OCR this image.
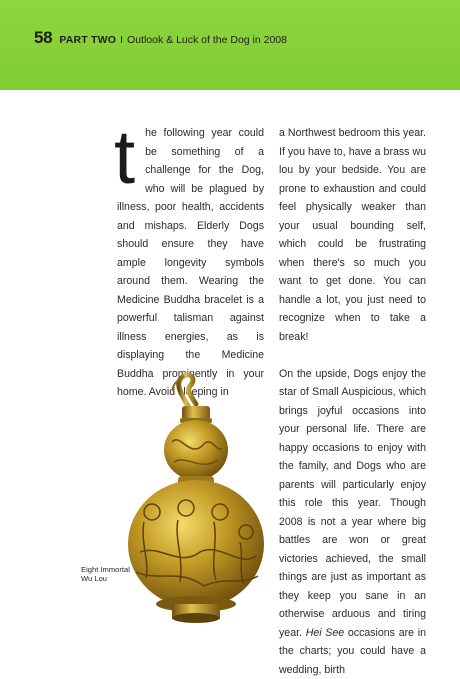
58 PART TWO I Outlook & Luck of the Dog in 2008
t he following year could be something of a challenge for the Dog, who will be plagued by illness, poor health, accidents and mishaps. Elderly Dogs should ensure they have ample longevity symbols around them. Wearing the Medicine Buddha bracelet is a powerful talisman against illness energies, as is displaying the Medicine Buddha prominently in your home. Avoid sleeping in

a Northwest bedroom this year. If you have to, have a brass wu lou by your bedside. You are prone to exhaustion and could feel physically weaker than your usual bounding self, which could be frustrating when there's so much you want to get done. You can handle a lot, you just need to recognize when to take a break!

On the upside, Dogs enjoy the star of Small Auspicious, which brings joyful occasions into your personal life. There are happy occasions to enjoy with the family, and Dogs who are parents will particularly enjoy this role this year. Though 2008 is not a year where big battles are won or great victories achieved, the small things are just as important as they keep you sane in an otherwise arduous and tiring year. Hei See occasions are in the charts; you could have a wedding, birth

Eight Immortal
Wu Lou
